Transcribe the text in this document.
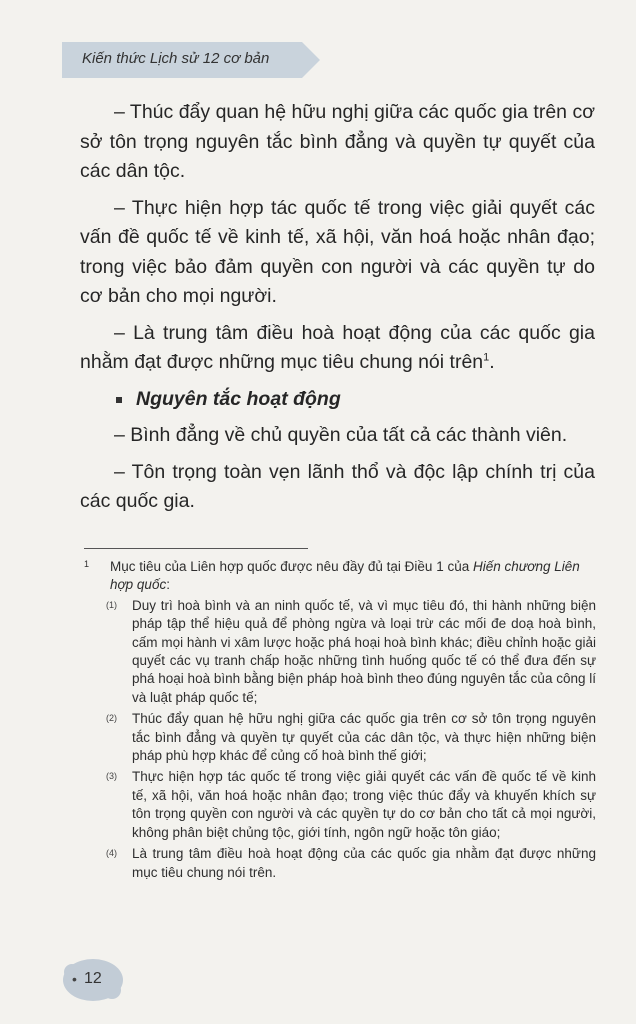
Kiến thức Lịch sử 12 cơ bản

– Thúc đẩy quan hệ hữu nghị giữa các quốc gia trên cơ sở tôn trọng nguyên tắc bình đẳng và quyền tự quyết của các dân tộc.

– Thực hiện hợp tác quốc tế trong việc giải quyết các vấn đề quốc tế về kinh tế, xã hội, văn hoá hoặc nhân đạo; trong việc bảo đảm quyền con người và các quyền tự do cơ bản cho mọi người.

– Là trung tâm điều hoà hoạt động của các quốc gia nhằm đạt được những mục tiêu chung nói trên$^1$.

Nguyên tắc hoạt động

– Bình đẳng về chủ quyền của tất cả các thành viên.

– Tôn trọng toàn vẹn lãnh thổ và độc lập chính trị của các quốc gia.

1 Mục tiêu của Liên hợp quốc được nêu đầy đủ tại Điều 1 của Hiến chương Liên hợp quốc:

(1) Duy trì hoà bình và an ninh quốc tế, và vì mục tiêu đó, thi hành những biện pháp tập thể hiệu quả để phòng ngừa và loại trừ các mối đe doạ hoà bình, cấm mọi hành vi xâm lược hoặc phá hoại hoà bình khác; điều chỉnh hoặc giải quyết các vụ tranh chấp hoặc những tình huống quốc tế có thể đưa đến sự phá hoại hoà bình bằng biện pháp hoà bình theo đúng nguyên tắc của công lí và luật pháp quốc tế;

(2) Thúc đẩy quan hệ hữu nghị giữa các quốc gia trên cơ sở tôn trọng nguyên tắc bình đẳng và quyền tự quyết của các dân tộc, và thực hiện những biện pháp phù hợp khác để củng cố hoà bình thế giới;

(3) Thực hiện hợp tác quốc tế trong việc giải quyết các vấn đề quốc tế về kinh tế, xã hội, văn hoá hoặc nhân đạo; trong việc thúc đẩy và khuyến khích sự tôn trọng quyền con người và các quyền tự do cơ bản cho tất cả mọi người, không phân biệt chủng tộc, giới tính, ngôn ngữ hoặc tôn giáo;

(4) Là trung tâm điều hoà hoạt động của các quốc gia nhằm đạt được những mục tiêu chung nói trên.

• 12
